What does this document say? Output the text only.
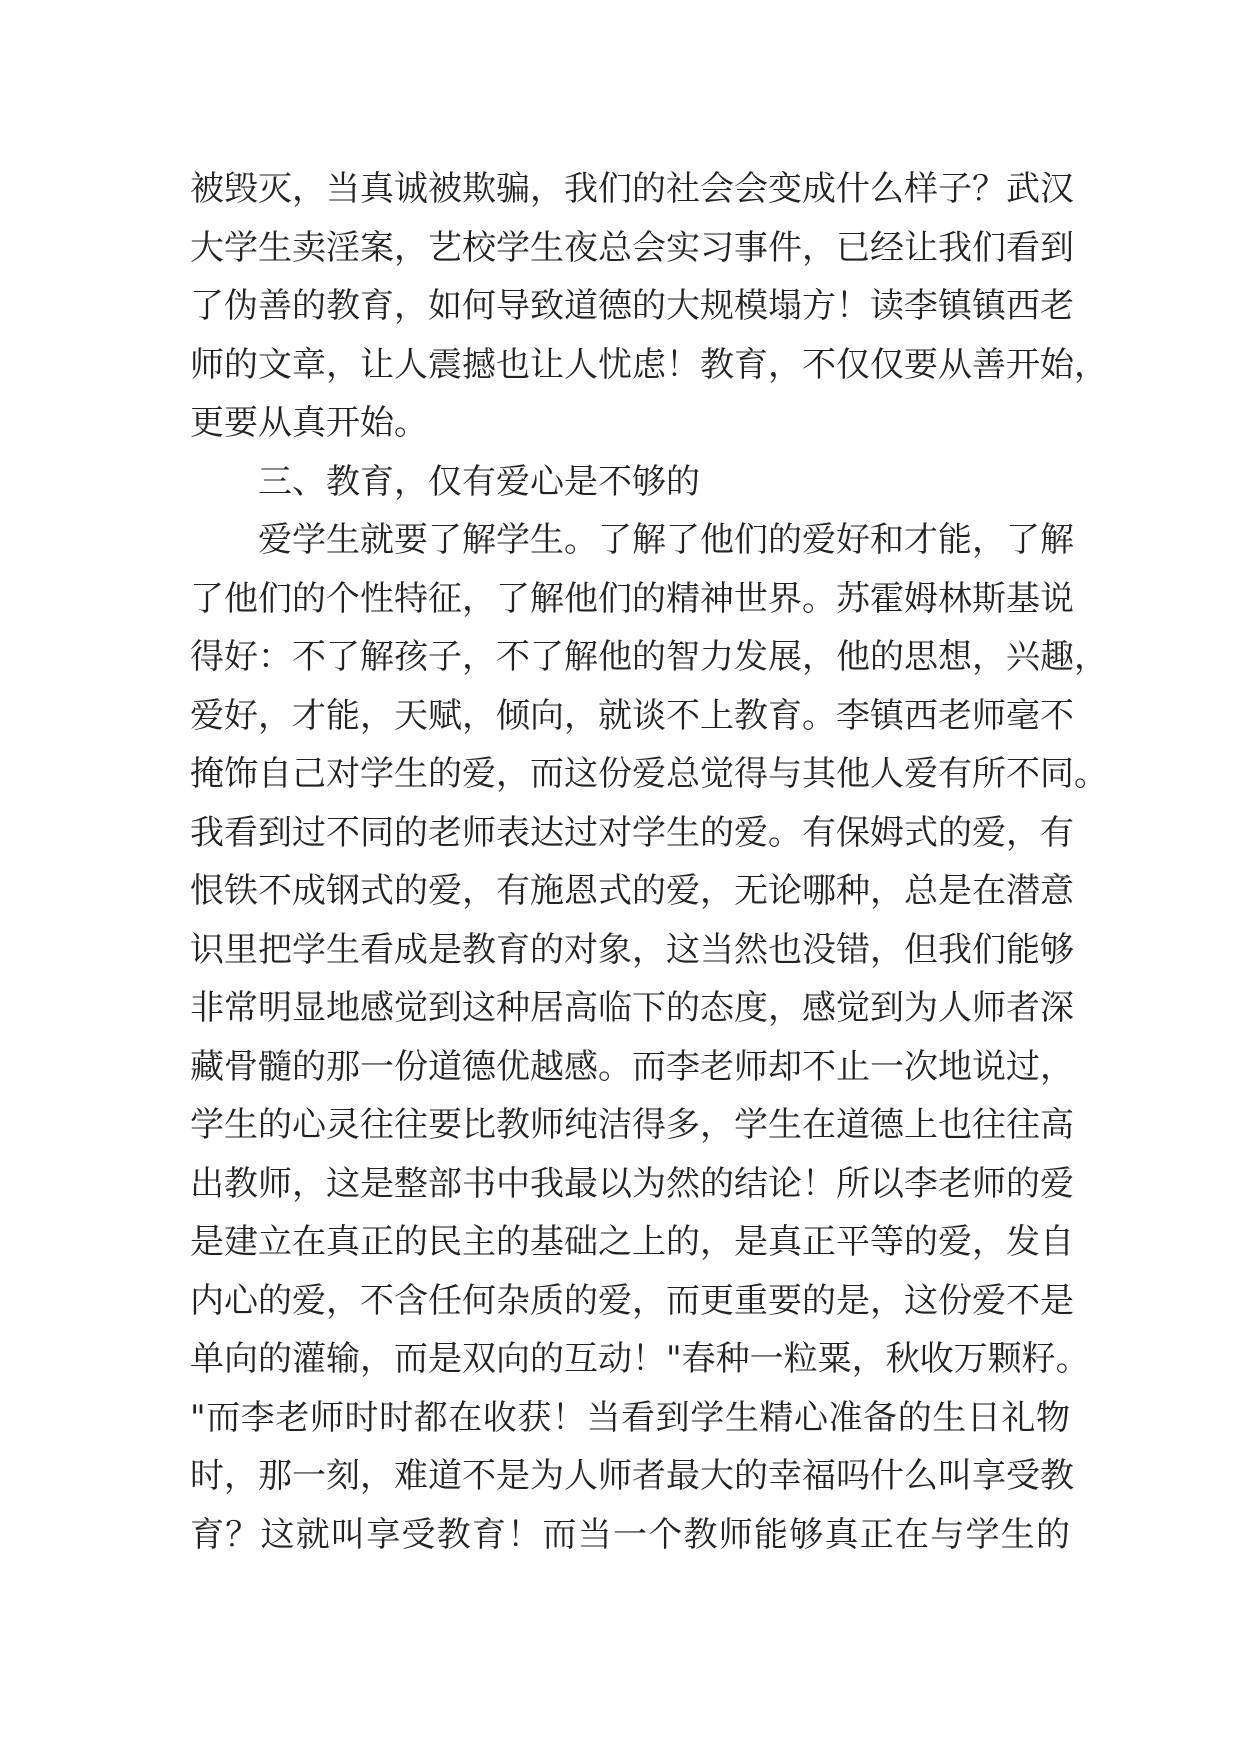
被毁灭，当真诚被欺骗，我们的社会会变成什么样子？武汉
大学生卖淫案，艺校学生夜总会实习事件，已经让我们看到
了伪善的教育，如何导致道德的大规模塌方！读李镇镇西老
师的文章，让人震撼也让人忧虑！教育，不仅仅要从善开始，
更要从真开始。
三、教育，仅有爱心是不够的
爱学生就要了解学生。了解了他们的爱好和才能，了解
了他们的个性特征，了解他们的精神世界。苏霍姆林斯基说
得好：不了解孩子，不了解他的智力发展，他的思想，兴趣，
爱好，才能，天赋，倾向，就谈不上教育。李镇西老师毫不
掩饰自己对学生的爱，而这份爱总觉得与其他人爱有所不同。
我看到过不同的老师表达过对学生的爱。有保姆式的爱，有
恨铁不成钢式的爱，有施恩式的爱，无论哪种，总是在潜意
识里把学生看成是教育的对象，这当然也没错，但我们能够
非常明显地感觉到这种居高临下的态度，感觉到为人师者深
藏骨髓的那一份道德优越感。而李老师却不止一次地说过，
学生的心灵往往要比教师纯洁得多，学生在道德上也往往高
出教师，这是整部书中我最以为然的结论！所以李老师的爱
是建立在真正的民主的基础之上的，是真正平等的爱，发自
内心的爱，不含任何杂质的爱，而更重要的是，这份爱不是
单向的灌输，而是双向的互动！"春种一粒粟，秋收万颗籽。
"而李老师时时都在收获！当看到学生精心准备的生日礼物
时，那一刻，难道不是为人师者最大的幸福吗什么叫享受教
育？这就叫享受教育！而当一个教师能够真正在与学生的
